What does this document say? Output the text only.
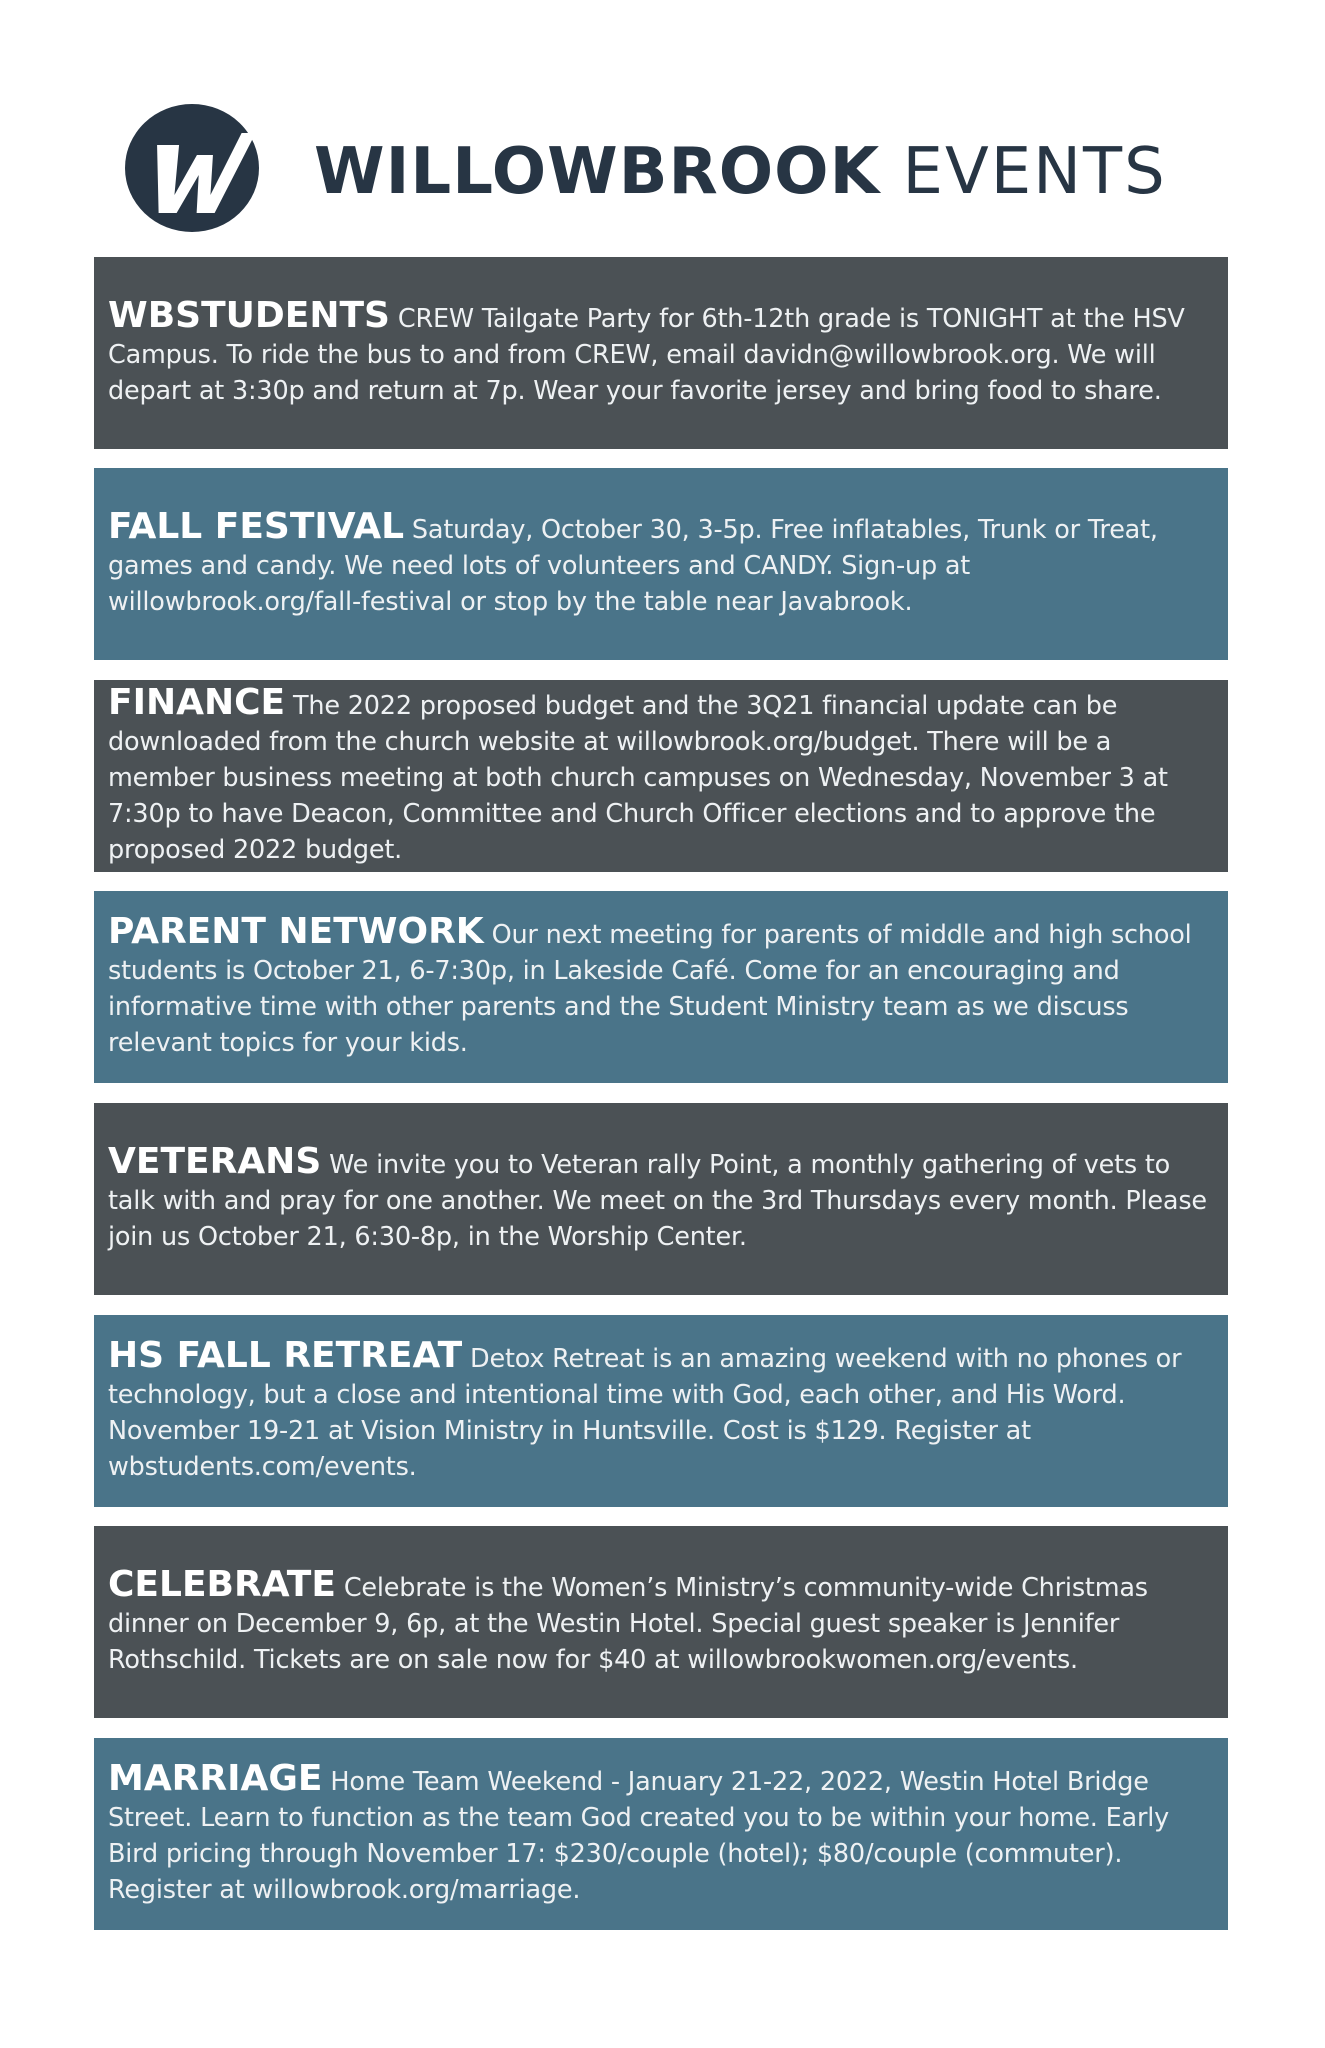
WILLOWBROOK EVENTS

WBSTUDENTS CREW Tailgate Party for 6th-12th grade is TONIGHT at the HSV Campus. To ride the bus to and from CREW, email davidn@willowbrook.org. We will depart at 3:30p and return at 7p. Wear your favorite jersey and bring food to share.

FALL FESTIVAL Saturday, October 30, 3-5p. Free inflatables, Trunk or Treat, games and candy. We need lots of volunteers and CANDY. Sign-up at willowbrook.org/fall-festival or stop by the table near Javabrook.

FINANCE The 2022 proposed budget and the 3Q21 financial update can be downloaded from the church website at willowbrook.org/budget. There will be a member business meeting at both church campuses on Wednesday, November 3 at 7:30p to have Deacon, Committee and Church Officer elections and to approve the proposed 2022 budget.

PARENT NETWORK Our next meeting for parents of middle and high school students is October 21, 6-7:30p, in Lakeside Café. Come for an encouraging and informative time with other parents and the Student Ministry team as we discuss relevant topics for your kids.

VETERANS We invite you to Veteran rally Point, a monthly gathering of vets to talk with and pray for one another. We meet on the 3rd Thursdays every month. Please join us October 21, 6:30-8p, in the Worship Center.

HS FALL RETREAT Detox Retreat is an amazing weekend with no phones or technology, but a close and intentional time with God, each other, and His Word. November 19-21 at Vision Ministry in Huntsville. Cost is $129. Register at wbstudents.com/events.

CELEBRATE Celebrate is the Women’s Ministry’s community-wide Christmas dinner on December 9, 6p, at the Westin Hotel. Special guest speaker is Jennifer Rothschild. Tickets are on sale now for $40 at willowbrookwomen.org/events.

MARRIAGE Home Team Weekend - January 21-22, 2022, Westin Hotel Bridge Street. Learn to function as the team God created you to be within your home. Early Bird pricing through November 17: $230/couple (hotel); $80/couple (commuter). Register at willowbrook.org/marriage.
